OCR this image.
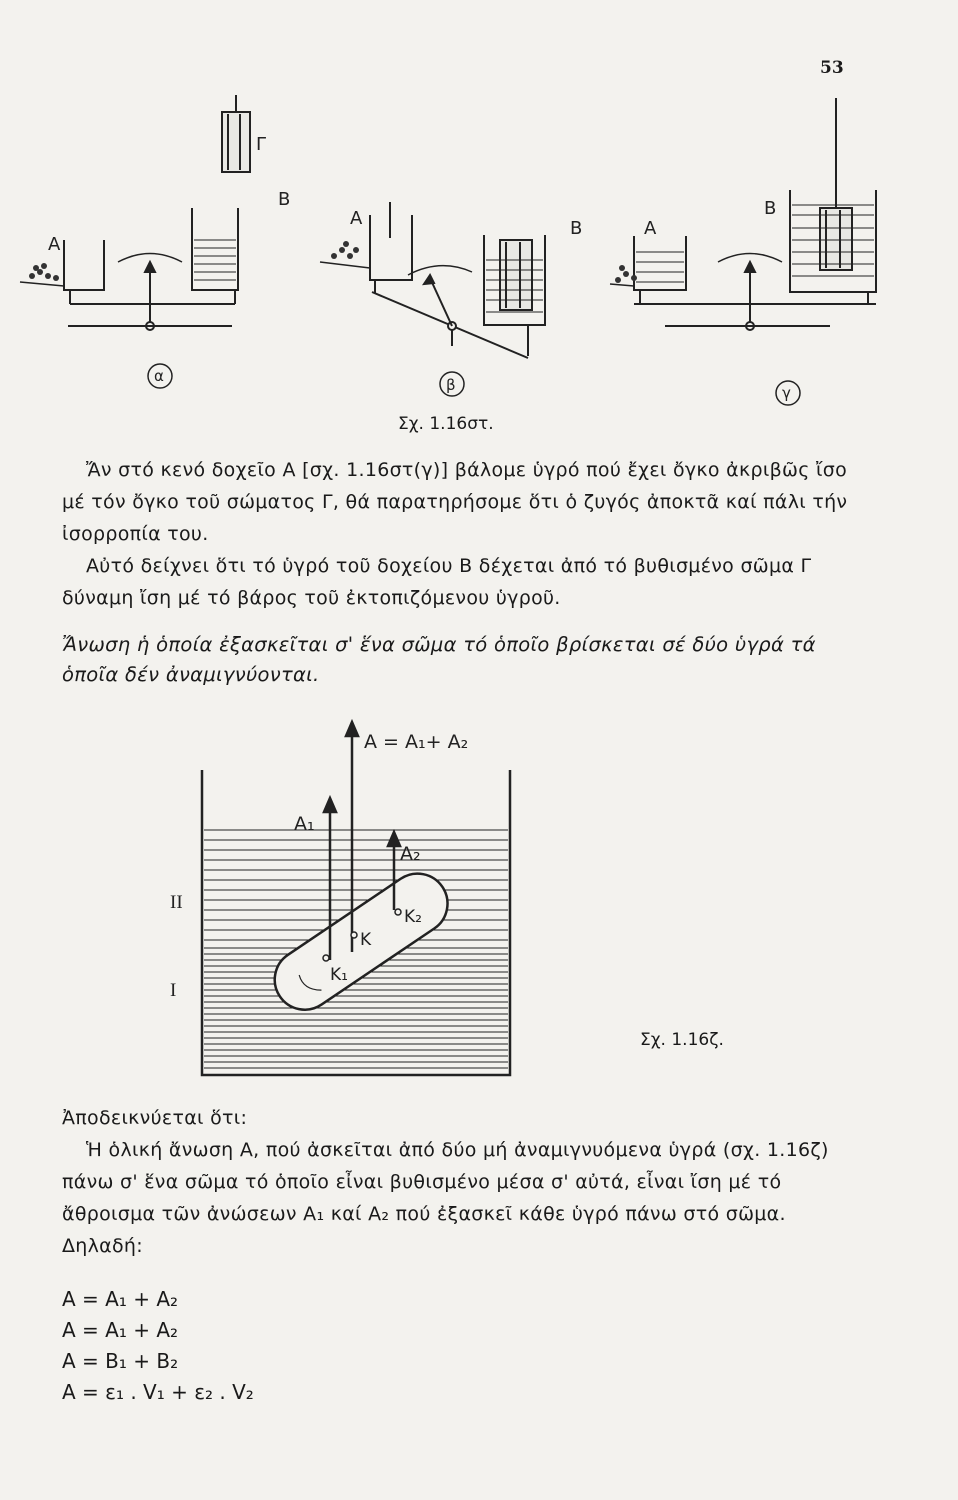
53
Γ
Α
Β
Α	Β	Α
Β
α	β	γ
Σχ. 1.16στ.

Ἄν στό κενό δοχεῖο Α [σχ. 1.16στ(γ)] βάλομε ὑγρό πού ἔχει ὄγκο ἀκριβῶς ἴσο μέ τόν ὄγκο τοῦ σώματος Γ, θά παρατηρήσομε ὅτι ὁ ζυγός ἀποκτᾶ καί πάλι τήν ἰσορροπία του.

Αὐτό δείχνει ὅτι τό ὑγρό τοῦ δοχείου Β δέχεται ἀπό τό βυθισμένο σῶμα Γ δύναμη ἴση μέ τό βάρος τοῦ ἐκτοπιζόμενου ὑγροῦ.

Ἄνωση ἡ ὁποία ἐξασκεῖται σ' ἕνα σῶμα τό ὁποῖο βρίσκεται σέ δύο ὑγρά τά ὁποῖα δέν ἀναμιγνύονται.
A = A₁+ A₂
A₁
A₂
II
I
K
K₁
K₂
Σχ. 1.16ζ.

Ἀποδεικνύεται ὅτι:

Ἡ ὁλική ἄνωση Α, πού ἀσκεῖται ἀπό δύο μή ἀναμιγνυόμενα ὑγρά (σχ. 1.16ζ) πάνω σ' ἕνα σῶμα τό ὁποῖο εἶναι βυθισμένο μέσα σ' αὐτά, εἶναι ἴση μέ τό ἄθροισμα τῶν ἀνώσεων Α₁ καί Α₂ πού ἐξασκεῖ κάθε ὑγρό πάνω στό σῶμα. Δηλαδή:

A = A₁ + A₂
A = A₁ + A₂
A = B₁ + B₂
A = ε₁ . V₁ + ε₂ . V₂
